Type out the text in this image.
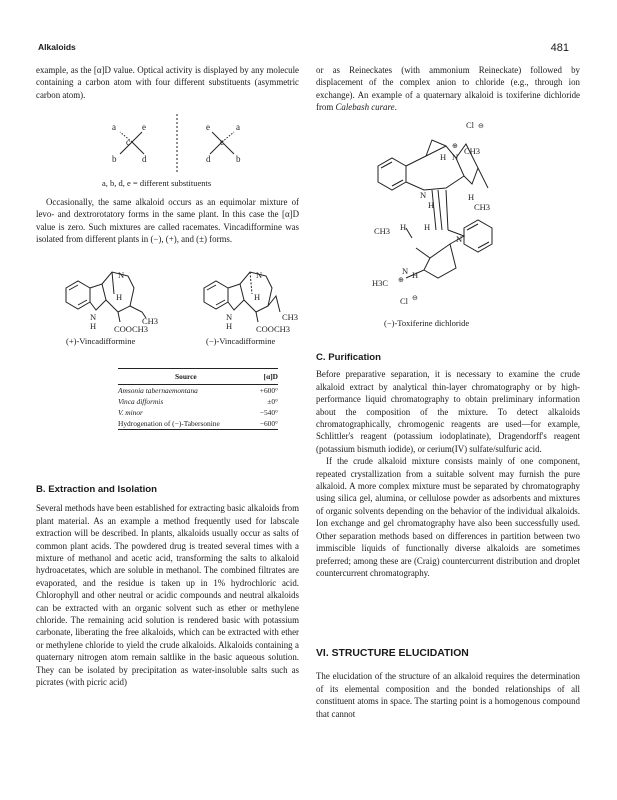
Alkaloids	481

example, as the [α]D value. Optical activity is displayed by any molecule containing a carbon atom with four different substituents (asymmetric carbon atom).

a	e
c
b	d
e	a
c
d	b
a, b, d, e = different substituents

Occasionally, the same alkaloid occurs as an equimolar mixture of levo- and dextrorotatory forms in the same plant. In this case the [α]D value is zero. Such mixtures are called racemates. Vincadifformine was isolated from different plants in (−), (+), and (±) forms.

N
H
N
H	CH3
COOCH3
N
H
N
H
CH3
COOCH3
(+)-Vincadifformine	(−)-Vincadifformine
Source	[α]D
Amsonia tabernaemontana	+600°
Vinca difformis	±0°
V. minor	−540°
Hydrogenation of (−)-Tabersonine	−600°
B. Extraction and Isolation

Several methods have been established for extracting basic alkaloids from plant material. As an example a method frequently used for labscale extraction will be described. In plants, alkaloids usually occur as salts of common plant acids. The powdered drug is treated several times with a mixture of methanol and acetic acid, transforming the salts to alkaloid hydroacetates, which are soluble in methanol. The combined filtrates are evaporated, and the residue is taken up in 1% hydrochloric acid. Chlorophyll and other neutral or acidic compounds and neutral alkaloids can be extracted with an organic solvent such as ether or methylene chloride. The remaining acid solution is rendered basic with potassium carbonate, liberating the free alkaloids, which can be extracted with ether or methylene chloride to yield the crude alkaloids. Alkaloids containing a quaternary nitrogen atom remain saltlike in the basic aqueous solution. They can be isolated by precipitation as water-insoluble salts such as picrates (with picric acid)

or as Reineckates (with ammonium Reineckate) followed by displacement of the complex anion to chloride (e.g., through ion exchange). An example of a quaternary alkaloid is toxiferine dichloride from Calebash curare.

Cl ⊖
⊕
H N
CH3
N
H
H
CH3
CH3 H H
N
N H
⊕
H3C
Cl ⊖
(−)-Toxiferine dichloride
C. Purification

Before preparative separation, it is necessary to examine the crude alkaloid extract by analytical thin-layer chromatography or by high-performance liquid chromatography to obtain preliminary information about the composition of the mixture. To detect alkaloids chromatographically, chromogenic reagents are used—for example, Schlittler's reagent (potassium iodoplatinate), Dragendorff's reagent (potassium bismuth iodide), or cerium(IV) sulfate/sulfuric acid.

If the crude alkaloid mixture consists mainly of one component, repeated crystallization from a suitable solvent may furnish the pure alkaloid. A more complex mixture must be separated by chromatography using silica gel, alumina, or cellulose powder as adsorbents and mixtures of organic solvents depending on the behavior of the individual alkaloids. Ion exchange and gel chromatography have also been successfully used. Other separation methods based on differences in partition between two immiscible liquids of functionally diverse alkaloids are sometimes preferred; among these are (Craig) countercurrent distribution and droplet countercurrent chromatography.

VI. STRUCTURE ELUCIDATION

The elucidation of the structure of an alkaloid requires the determination of its elemental composition and the bonded relationships of all constituent atoms in space. The starting point is a homogenous compound that cannot
